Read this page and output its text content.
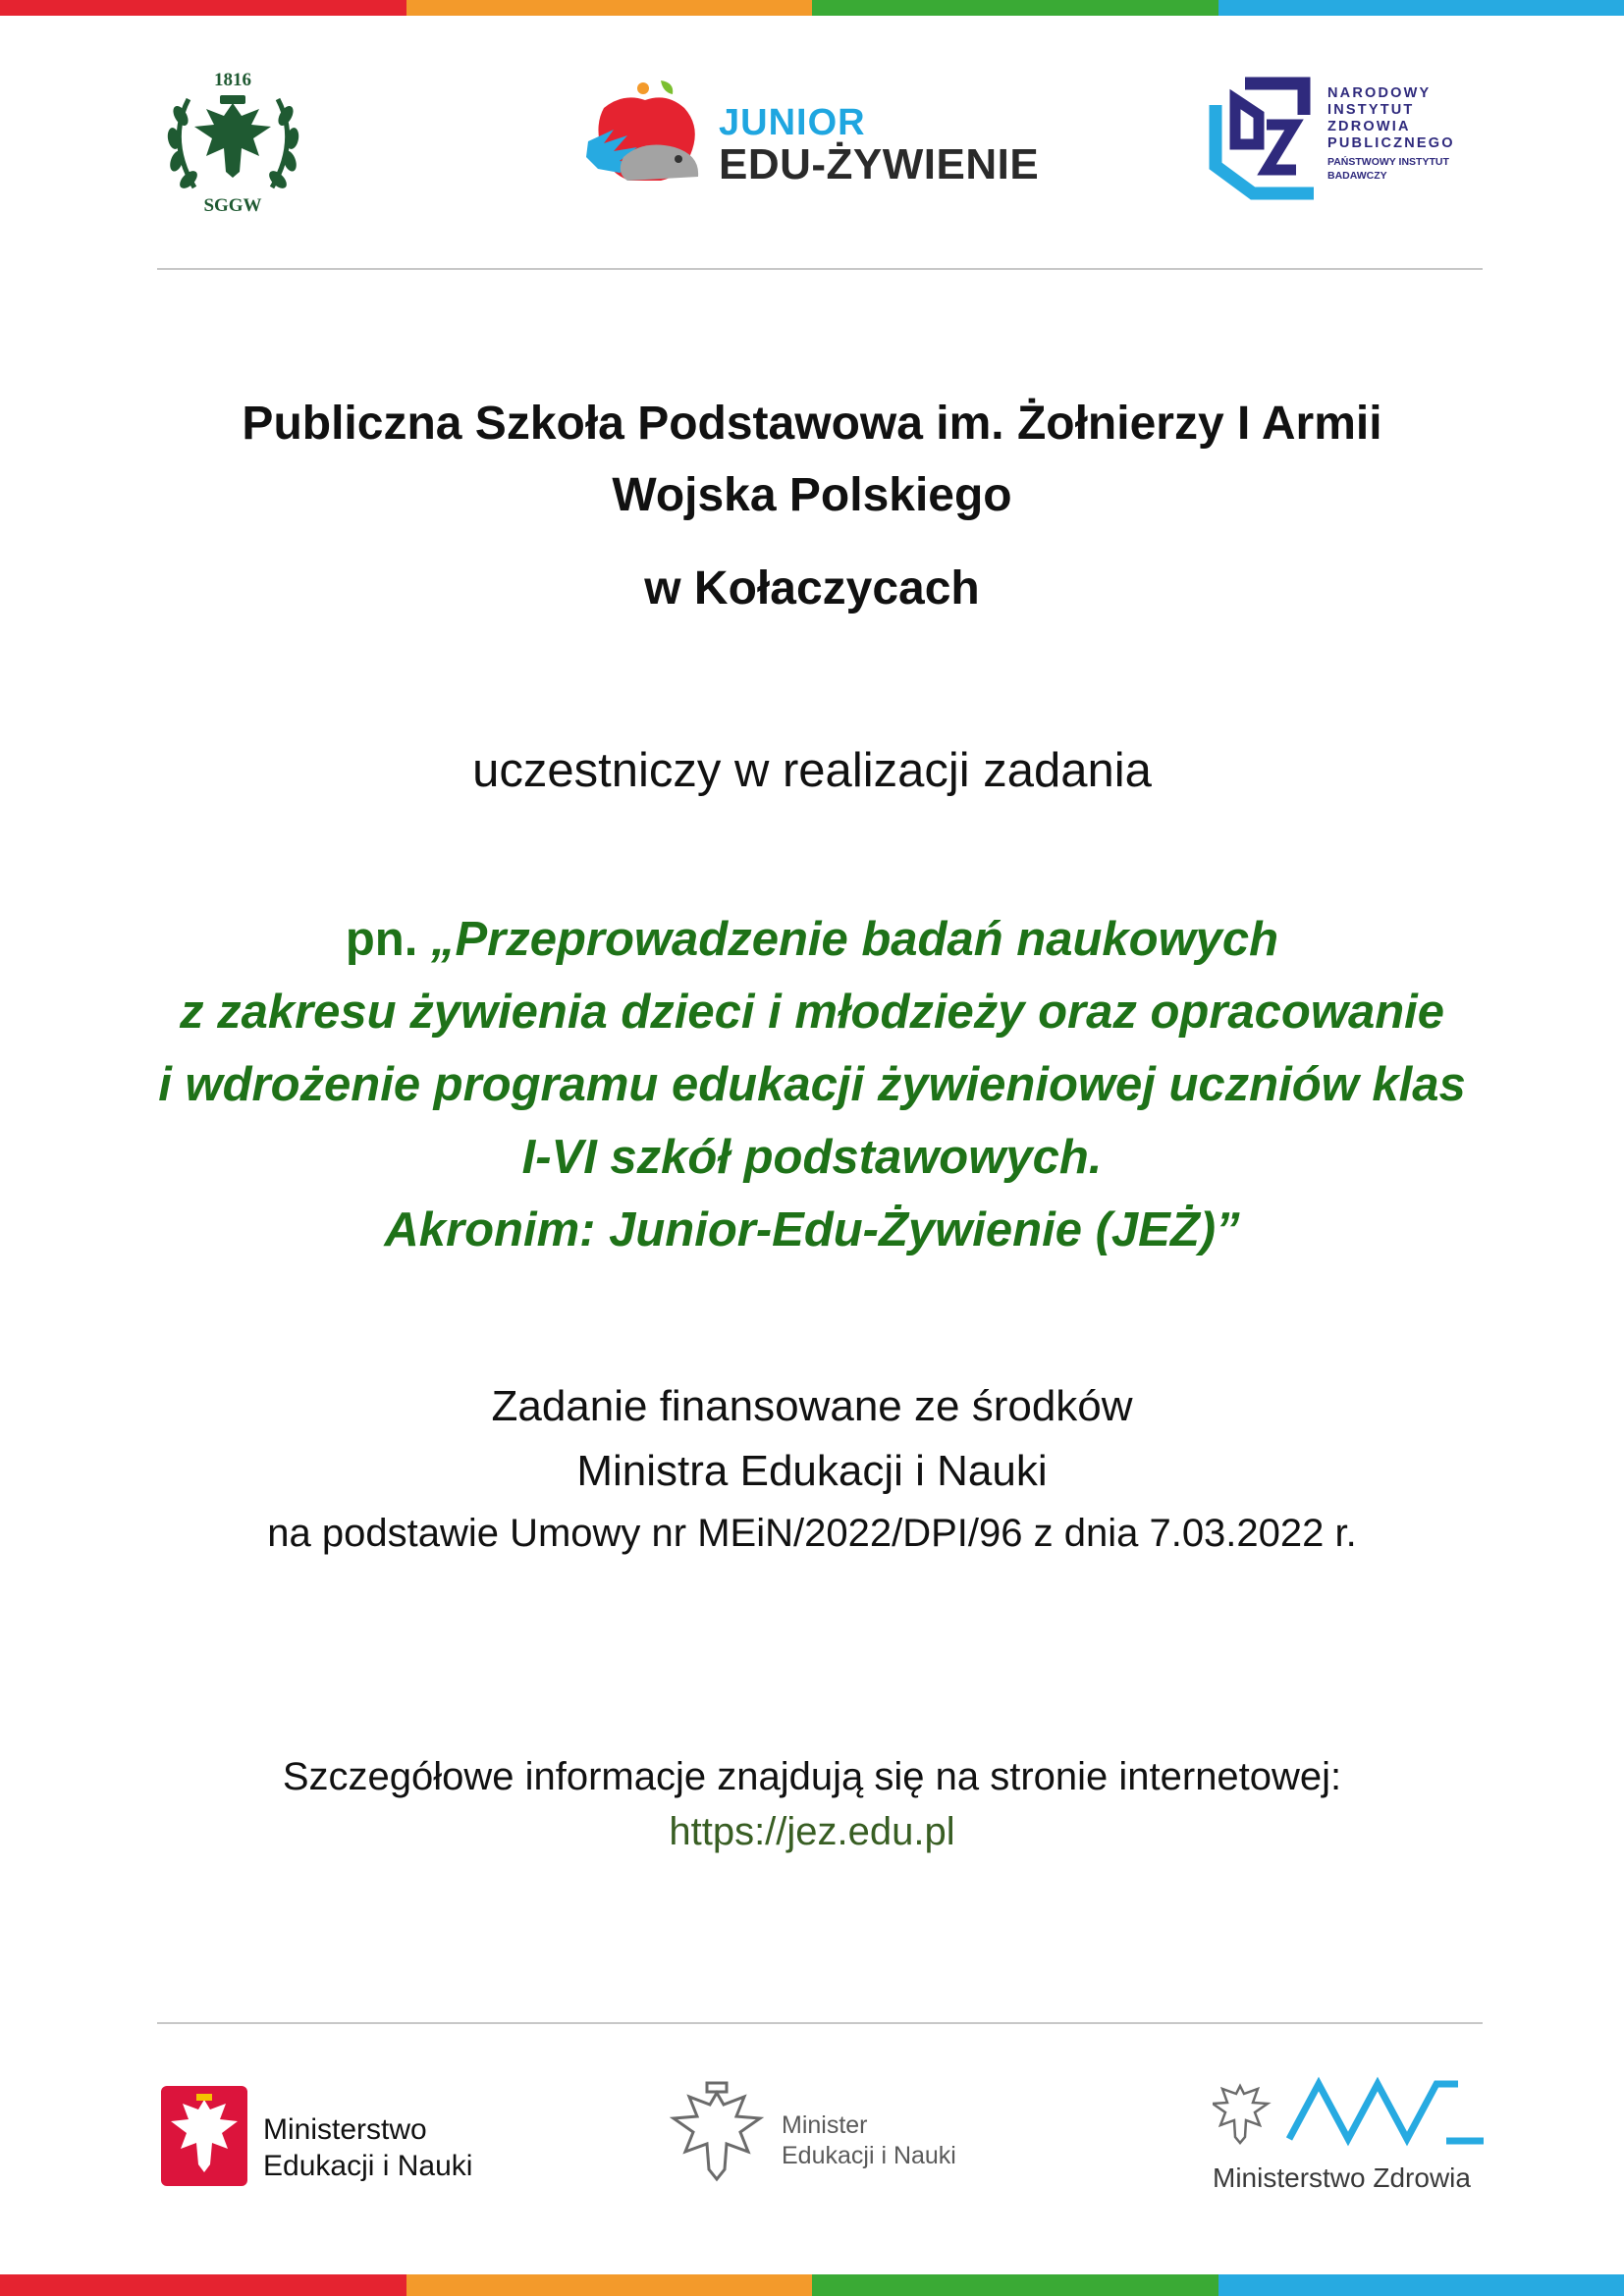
1816
SGGW
JUNIOR
EDU-ŻYWIENIE
NARODOWY
INSTYTUT
ZDROWIA
PUBLICZNEGO
PAŃSTWOWY INSTYTUT
BADAWCZY
Publiczna Szkoła Podstawowa im. Żołnierzy I Armii
Wojska Polskiego
w Kołaczycach
uczestniczy w realizacji zadania
pn. „Przeprowadzenie badań naukowych
z zakresu żywienia dzieci i młodzieży oraz opracowanie
i wdrożenie programu edukacji żywieniowej uczniów klas
I-VI szkół podstawowych.
Akronim: Junior-Edu-Żywienie (JEŻ)”
Zadanie finansowane ze środków
Ministra Edukacji i Nauki
na podstawie Umowy nr MEiN/2022/DPI/96 z dnia 7.03.2022 r.
Szczegółowe informacje znajdują się na stronie internetowej:
https://jez.edu.pl
Ministerstwo
Edukacji i Nauki
Minister
Edukacji i Nauki
Ministerstwo Zdrowia
